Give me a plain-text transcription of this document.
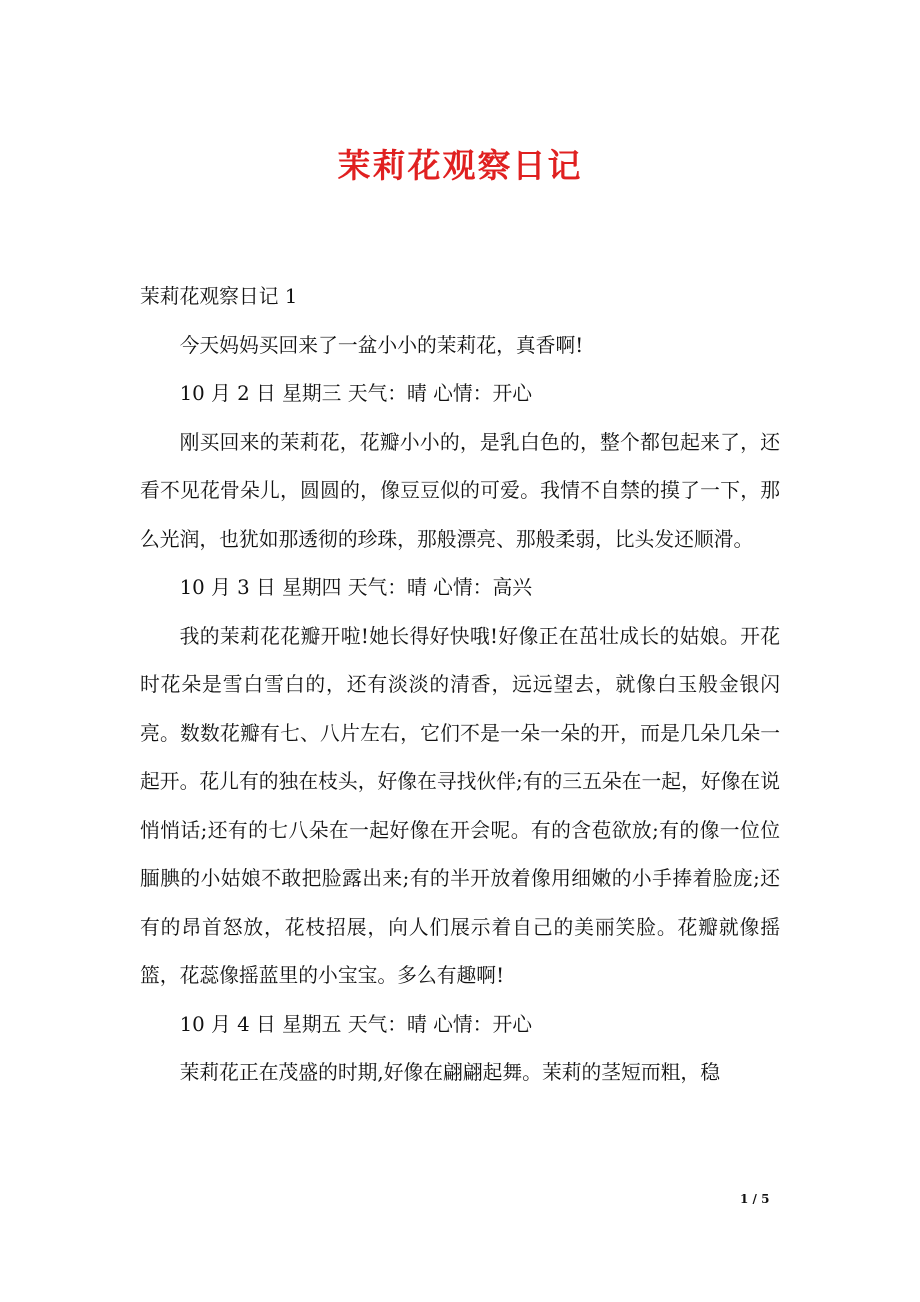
茉莉花观察日记

茉莉花观察日记 1

今天妈妈买回来了一盆小小的茉莉花，真香啊!

10 月 2 日 星期三 天气：晴 心情：开心

刚买回来的茉莉花，花瓣小小的，是乳白色的，整个都包起来了，还看不见花骨朵儿，圆圆的，像豆豆似的可爱。我情不自禁的摸了一下，那么光润，也犹如那透彻的珍珠，那般漂亮、那般柔弱，比头发还顺滑。

10 月 3 日 星期四 天气：晴 心情：高兴

我的茉莉花花瓣开啦!她长得好快哦!好像正在茁壮成长的姑娘。开花时花朵是雪白雪白的，还有淡淡的清香，远远望去，就像白玉般金银闪亮。数数花瓣有七、八片左右，它们不是一朵一朵的开，而是几朵几朵一起开。花儿有的独在枝头，好像在寻找伙伴;有的三五朵在一起，好像在说悄悄话;还有的七八朵在一起好像在开会呢。有的含苞欲放;有的像一位位腼腆的小姑娘不敢把脸露出来;有的半开放着像用细嫩的小手捧着脸庞;还有的昂首怒放，花枝招展，向人们展示着自己的美丽笑脸。花瓣就像摇篮，花蕊像摇蓝里的小宝宝。多么有趣啊!

10 月 4 日 星期五 天气：晴 心情：开心

茉莉花正在茂盛的时期,好像在翩翩起舞。茉莉的茎短而粗，稳

1 / 5
